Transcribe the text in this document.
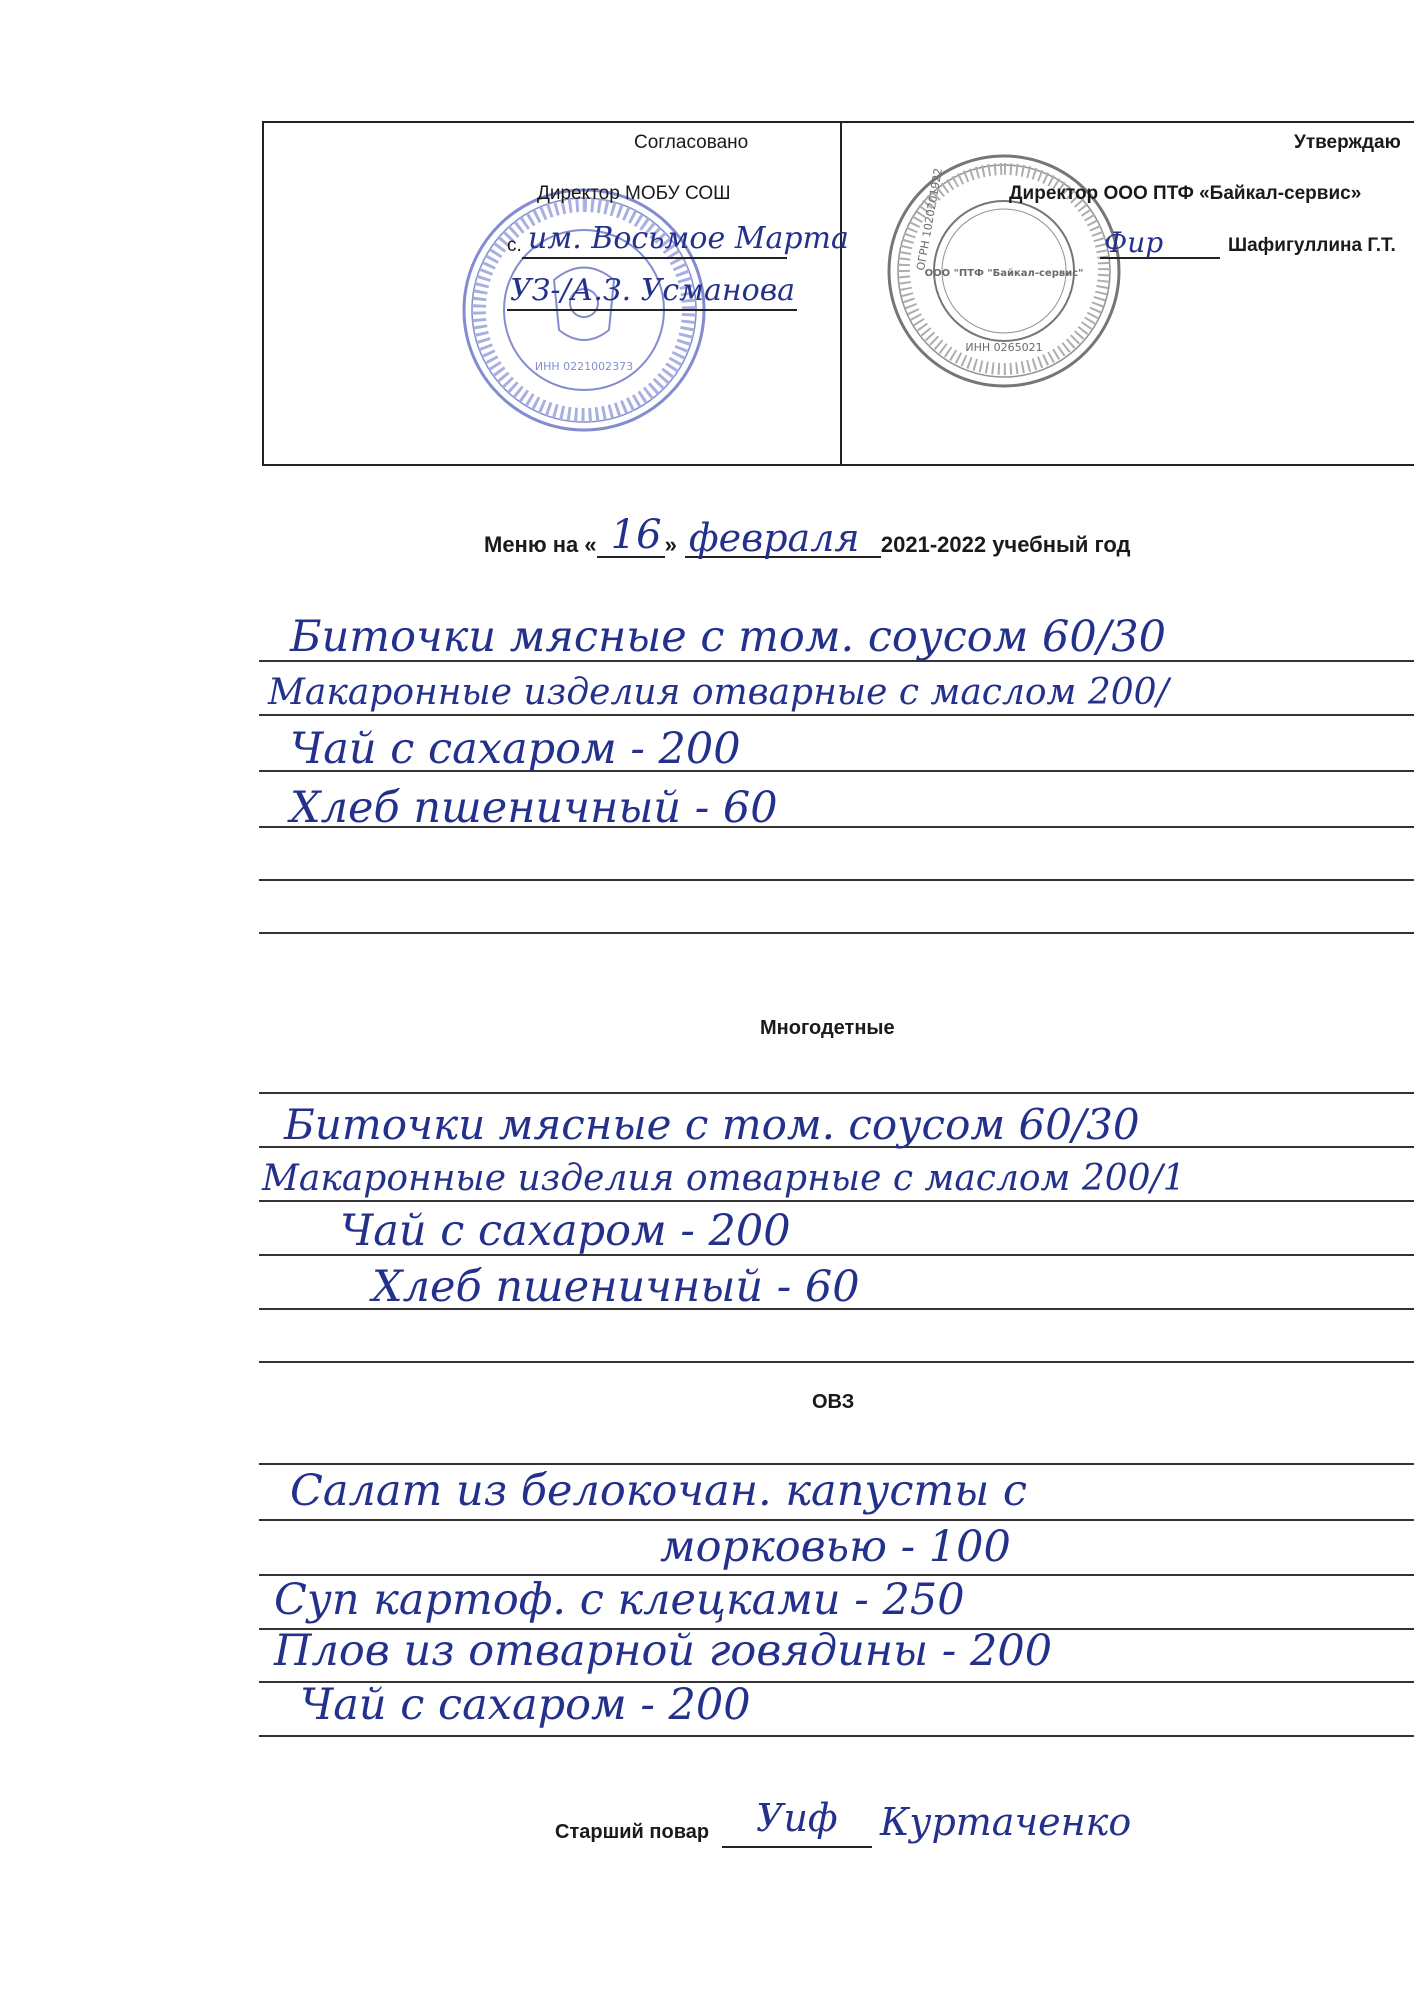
ИНН 0221002373
Согласовано
Директор МОБУ СОШ
с. им. Восьмое Марта
УЗ-/А.З. Усманова	ООО "ПТФ "Байкал-сервис"
ОГРН 1020201922
ИНН 0265021
Утверждаю
Директор ООО ПТФ «Байкал-сервис»
Фир	Шафигуллина Г.Т.
Меню на « 16 » февраля 2021-2022 учебный год
Биточки мясные с том. соусом 60/30
Макаронные изделия отварные с маслом 200/
Чай с сахаром - 200
Хлеб пшеничный - 60
Многодетные
Биточки мясные с том. соусом 60/30
Макаронные изделия отварные с маслом 200/1
Чай с сахаром - 200
Хлеб пшеничный - 60
ОВЗ
Салат из белокочан. капусты с
морковью - 100
Суп картоф. с клецками - 250
Плов из отварной говядины - 200
Чай с сахаром - 200
Старший повар Уиф Куртаченко
